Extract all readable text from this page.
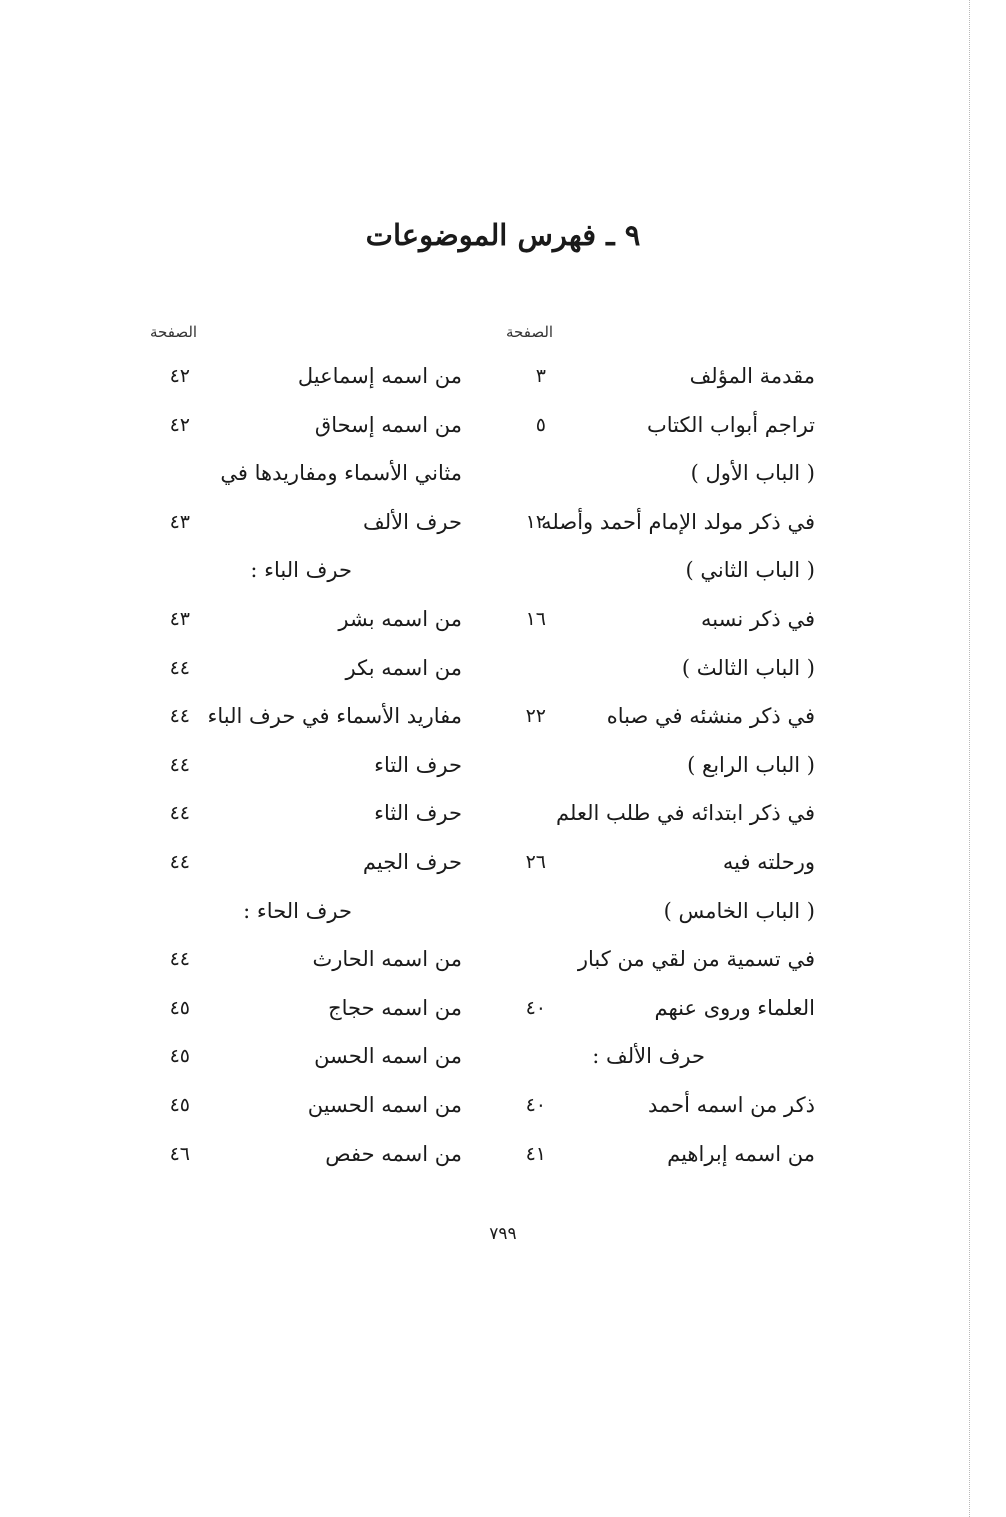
٩ ـ فهرس الموضوعات
الصفحة
مقدمة المؤلف
٣
تراجم أبواب الكتاب
٥
( الباب الأول )
في ذكر مولد الإمام أحمد وأصله
١٢
( الباب الثاني )
في ذكر نسبه
١٦
( الباب الثالث )
في ذكر منشئه في صباه
٢٢
( الباب الرابع )
في ذكر ابتدائه في طلب العلم
ورحلته فيه
٢٦
( الباب الخامس )
في تسمية من لقي من كبار
العلماء وروى عنهم
٤٠
حرف الألف :
ذكر من اسمه أحمد
٤٠
من اسمه إبراهيم
٤١
الصفحة
من اسمه إسماعيل
٤٢
من اسمه إسحاق
٤٢
مثاني الأسماء ومفاريدها في
حرف الألف
٤٣
حرف الباء :
من اسمه بشر
٤٣
من اسمه بكر
٤٤
مفاريد الأسماء في حرف الباء
٤٤
حرف التاء
٤٤
حرف الثاء
٤٤
حرف الجيم
٤٤
حرف الحاء :
من اسمه الحارث
٤٤
من اسمه حجاج
٤٥
من اسمه الحسن
٤٥
من اسمه الحسين
٤٥
من اسمه حفص
٤٦
٧٩٩
